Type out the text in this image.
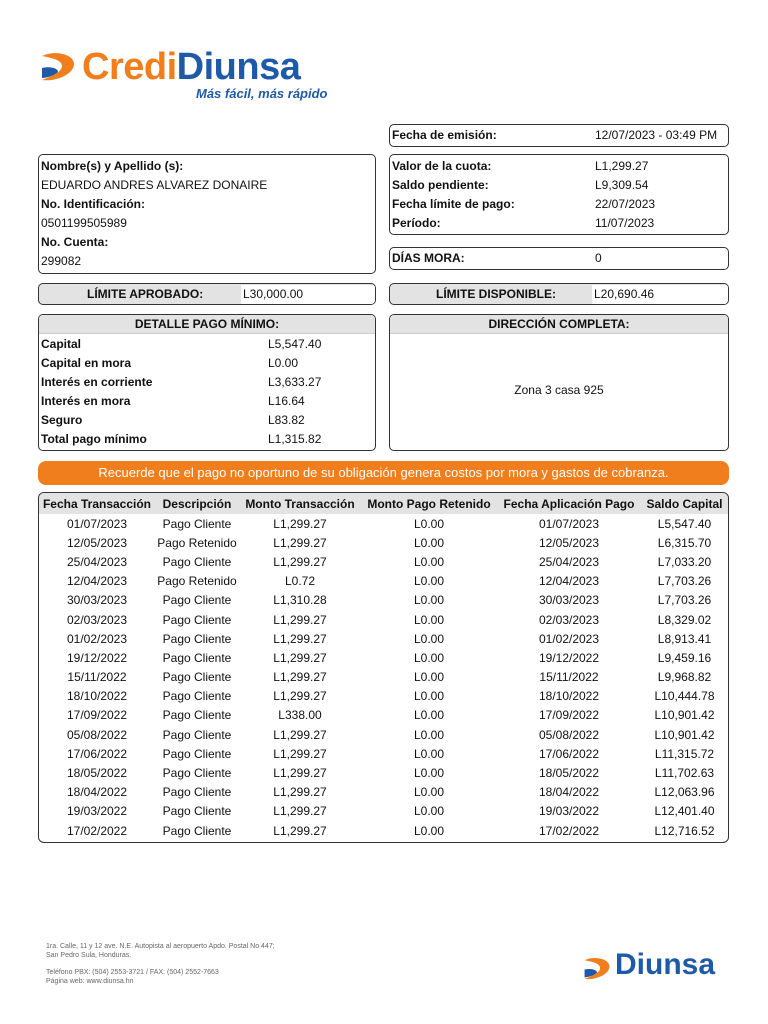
CrediDiunsa
Más fácil, más rápido
Fecha de emisión:	12/07/2023 - 03:49 PM
Nombre(s) y Apellido (s):
EDUARDO ANDRES ALVAREZ DONAIRE
No. Identificación:
0501199505989
No. Cuenta:
299082
Valor de la cuota:	L1,299.27
Saldo pendiente:	L9,309.54
Fecha límite de pago:	22/07/2023
Período:	11/07/2023
DÍAS MORA:	0
LÍMITE APROBADO:	L30,000.00	LÍMITE DISPONIBLE:	L20,690.46
DETALLE PAGO MÍNIMO:
Capital	L5,547.40
Capital en mora	L0.00
Interés en corriente	L3,633.27
Interés en mora	L16.64
Seguro	L83.82
Total pago mínimo	L1,315.82
DIRECCIÓN COMPLETA:
Zona 3 casa 925
Recuerde que el pago no oportuno de su obligación genera costos por mora y gastos de cobranza.
Fecha Transacción	Descripción	Monto Transacción	Monto Pago Retenido	Fecha Aplicación Pago	Saldo Capital
01/07/2023	Pago Cliente	L1,299.27	L0.00	01/07/2023	L5,547.40
12/05/2023	Pago Retenido	L1,299.27	L0.00	12/05/2023	L6,315.70
25/04/2023	Pago Cliente	L1,299.27	L0.00	25/04/2023	L7,033.20
12/04/2023	Pago Retenido	L0.72	L0.00	12/04/2023	L7,703.26
30/03/2023	Pago Cliente	L1,310.28	L0.00	30/03/2023	L7,703.26
02/03/2023	Pago Cliente	L1,299.27	L0.00	02/03/2023	L8,329.02
01/02/2023	Pago Cliente	L1,299.27	L0.00	01/02/2023	L8,913.41
19/12/2022	Pago Cliente	L1,299.27	L0.00	19/12/2022	L9,459.16
15/11/2022	Pago Cliente	L1,299.27	L0.00	15/11/2022	L9,968.82
18/10/2022	Pago Cliente	L1,299.27	L0.00	18/10/2022	L10,444.78
17/09/2022	Pago Cliente	L338.00	L0.00	17/09/2022	L10,901.42
05/08/2022	Pago Cliente	L1,299.27	L0.00	05/08/2022	L10,901.42
17/06/2022	Pago Cliente	L1,299.27	L0.00	17/06/2022	L11,315.72
18/05/2022	Pago Cliente	L1,299.27	L0.00	18/05/2022	L11,702.63
18/04/2022	Pago Cliente	L1,299.27	L0.00	18/04/2022	L12,063.96
19/03/2022	Pago Cliente	L1,299.27	L0.00	19/03/2022	L12,401.40
17/02/2022	Pago Cliente	L1,299.27	L0.00	17/02/2022	L12,716.52
1ra. Calle, 11 y 12 ave. N.E. Autopista al aeropuerto Apdo. Postal No 447;
San Pedro Sula, Honduras.
Teléfono PBX: (504) 2553-3721 / FAX: (504) 2552-7663
Página web: www.diunsa.hn
Diunsa
